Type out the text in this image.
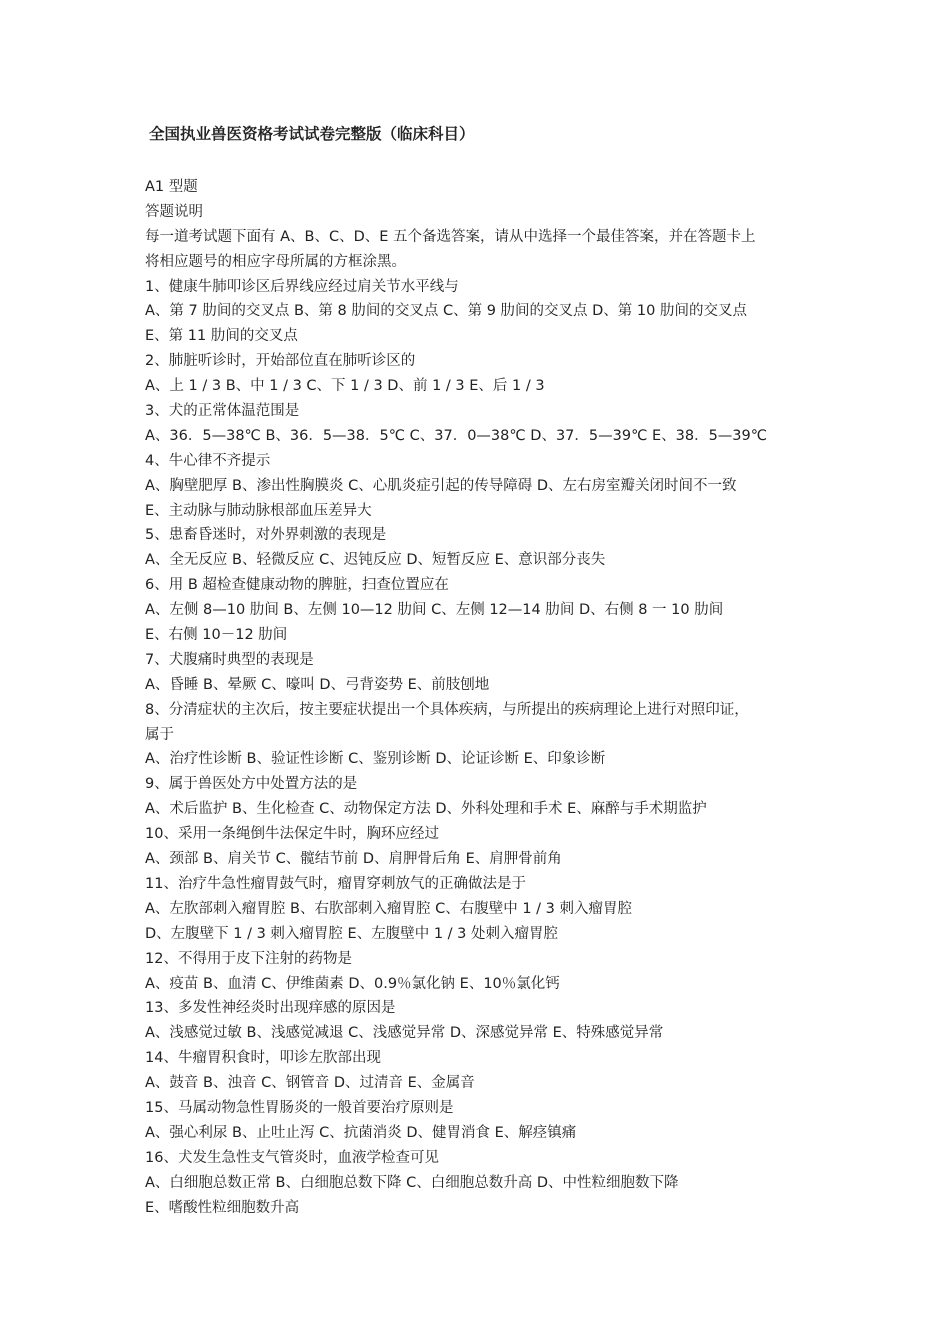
全国执业兽医资格考试试卷完整版（临床科目）
A1 型题
答题说明
每一道考试题下面有 A、B、C、D、E 五个备选答案，请从中选择一个最佳答案，并在答题卡上
将相应题号的相应字母所属的方框涂黑。
1、健康牛肺叩诊区后界线应经过肩关节水平线与
A、第 7 肋间的交叉点 B、第 8 肋间的交叉点 C、第 9 肋间的交叉点 D、第 10 肋间的交叉点
E、第 11 肋间的交叉点
2、肺脏听诊时，开始部位直在肺听诊区的
A、上 1 / 3 B、中 1 / 3 C、下 1 / 3 D、前 1 / 3 E、后 1 / 3
3、犬的正常体温范围是
A、36．5—38℃ B、36．5—38．5℃ C、37．0—38℃ D、37．5—39℃ E、38．5—39℃
4、牛心律不齐提示
A、胸壁肥厚 B、渗出性胸膜炎 C、心肌炎症引起的传导障碍 D、左右房室瓣关闭时间不一致
E、主动脉与肺动脉根部血压差异大
5、患畜昏迷时，对外界刺激的表现是
A、全无反应 B、轻微反应 C、迟钝反应 D、短暂反应 E、意识部分丧失
6、用 B 超检查健康动物的脾脏，扫查位置应在
A、左侧 8—10 肋间 B、左侧 10—12 肋间 C、左侧 12—14 肋间 D、右侧 8 一 10 肋间
E、右侧 10－12 肋间
7、犬腹痛时典型的表现是
A、昏睡 B、晕厥 C、嚎叫 D、弓背姿势 E、前肢刨地
8、分清症状的主次后，按主要症状提出一个具体疾病，与所提出的疾病理论上进行对照印证，
属于
A、治疗性诊断 B、验证性诊断 C、鉴别诊断 D、论证诊断 E、印象诊断
9、属于兽医处方中处置方法的是
A、术后监护 B、生化检查 C、动物保定方法 D、外科处理和手术 E、麻醉与手术期监护
10、采用一条绳倒牛法保定牛时，胸环应经过
A、颈部 B、肩关节 C、髋结节前 D、肩胛骨后角 E、肩胛骨前角
11、治疗牛急性瘤胃鼓气时，瘤胃穿刺放气的正确做法是于
A、左肷部刺入瘤胃腔 B、右肷部刺入瘤胃腔 C、右腹壁中 1 / 3 刺入瘤胃腔
D、左腹壁下 1 / 3 刺入瘤胃腔 E、左腹壁中 1 / 3 处刺入瘤胃腔
12、不得用于皮下注射的药物是
A、疫苗 B、血清 C、伊维菌素 D、0.9％氯化钠 E、10％氯化钙
13、多发性神经炎时出现痒感的原因是
A、浅感觉过敏 B、浅感觉减退 C、浅感觉异常 D、深感觉异常 E、特殊感觉异常
14、牛瘤胃积食时，叩诊左肷部出现
A、鼓音 B、浊音 C、钢管音 D、过清音 E、金属音
15、马属动物急性胃肠炎的一般首要治疗原则是
A、强心利尿 B、止吐止泻 C、抗菌消炎 D、健胃消食 E、解痉镇痛
16、犬发生急性支气管炎时，血液学检查可见
A、白细胞总数正常 B、白细胞总数下降 C、白细胞总数升高 D、中性粒细胞数下降
E、嗜酸性粒细胞数升高
